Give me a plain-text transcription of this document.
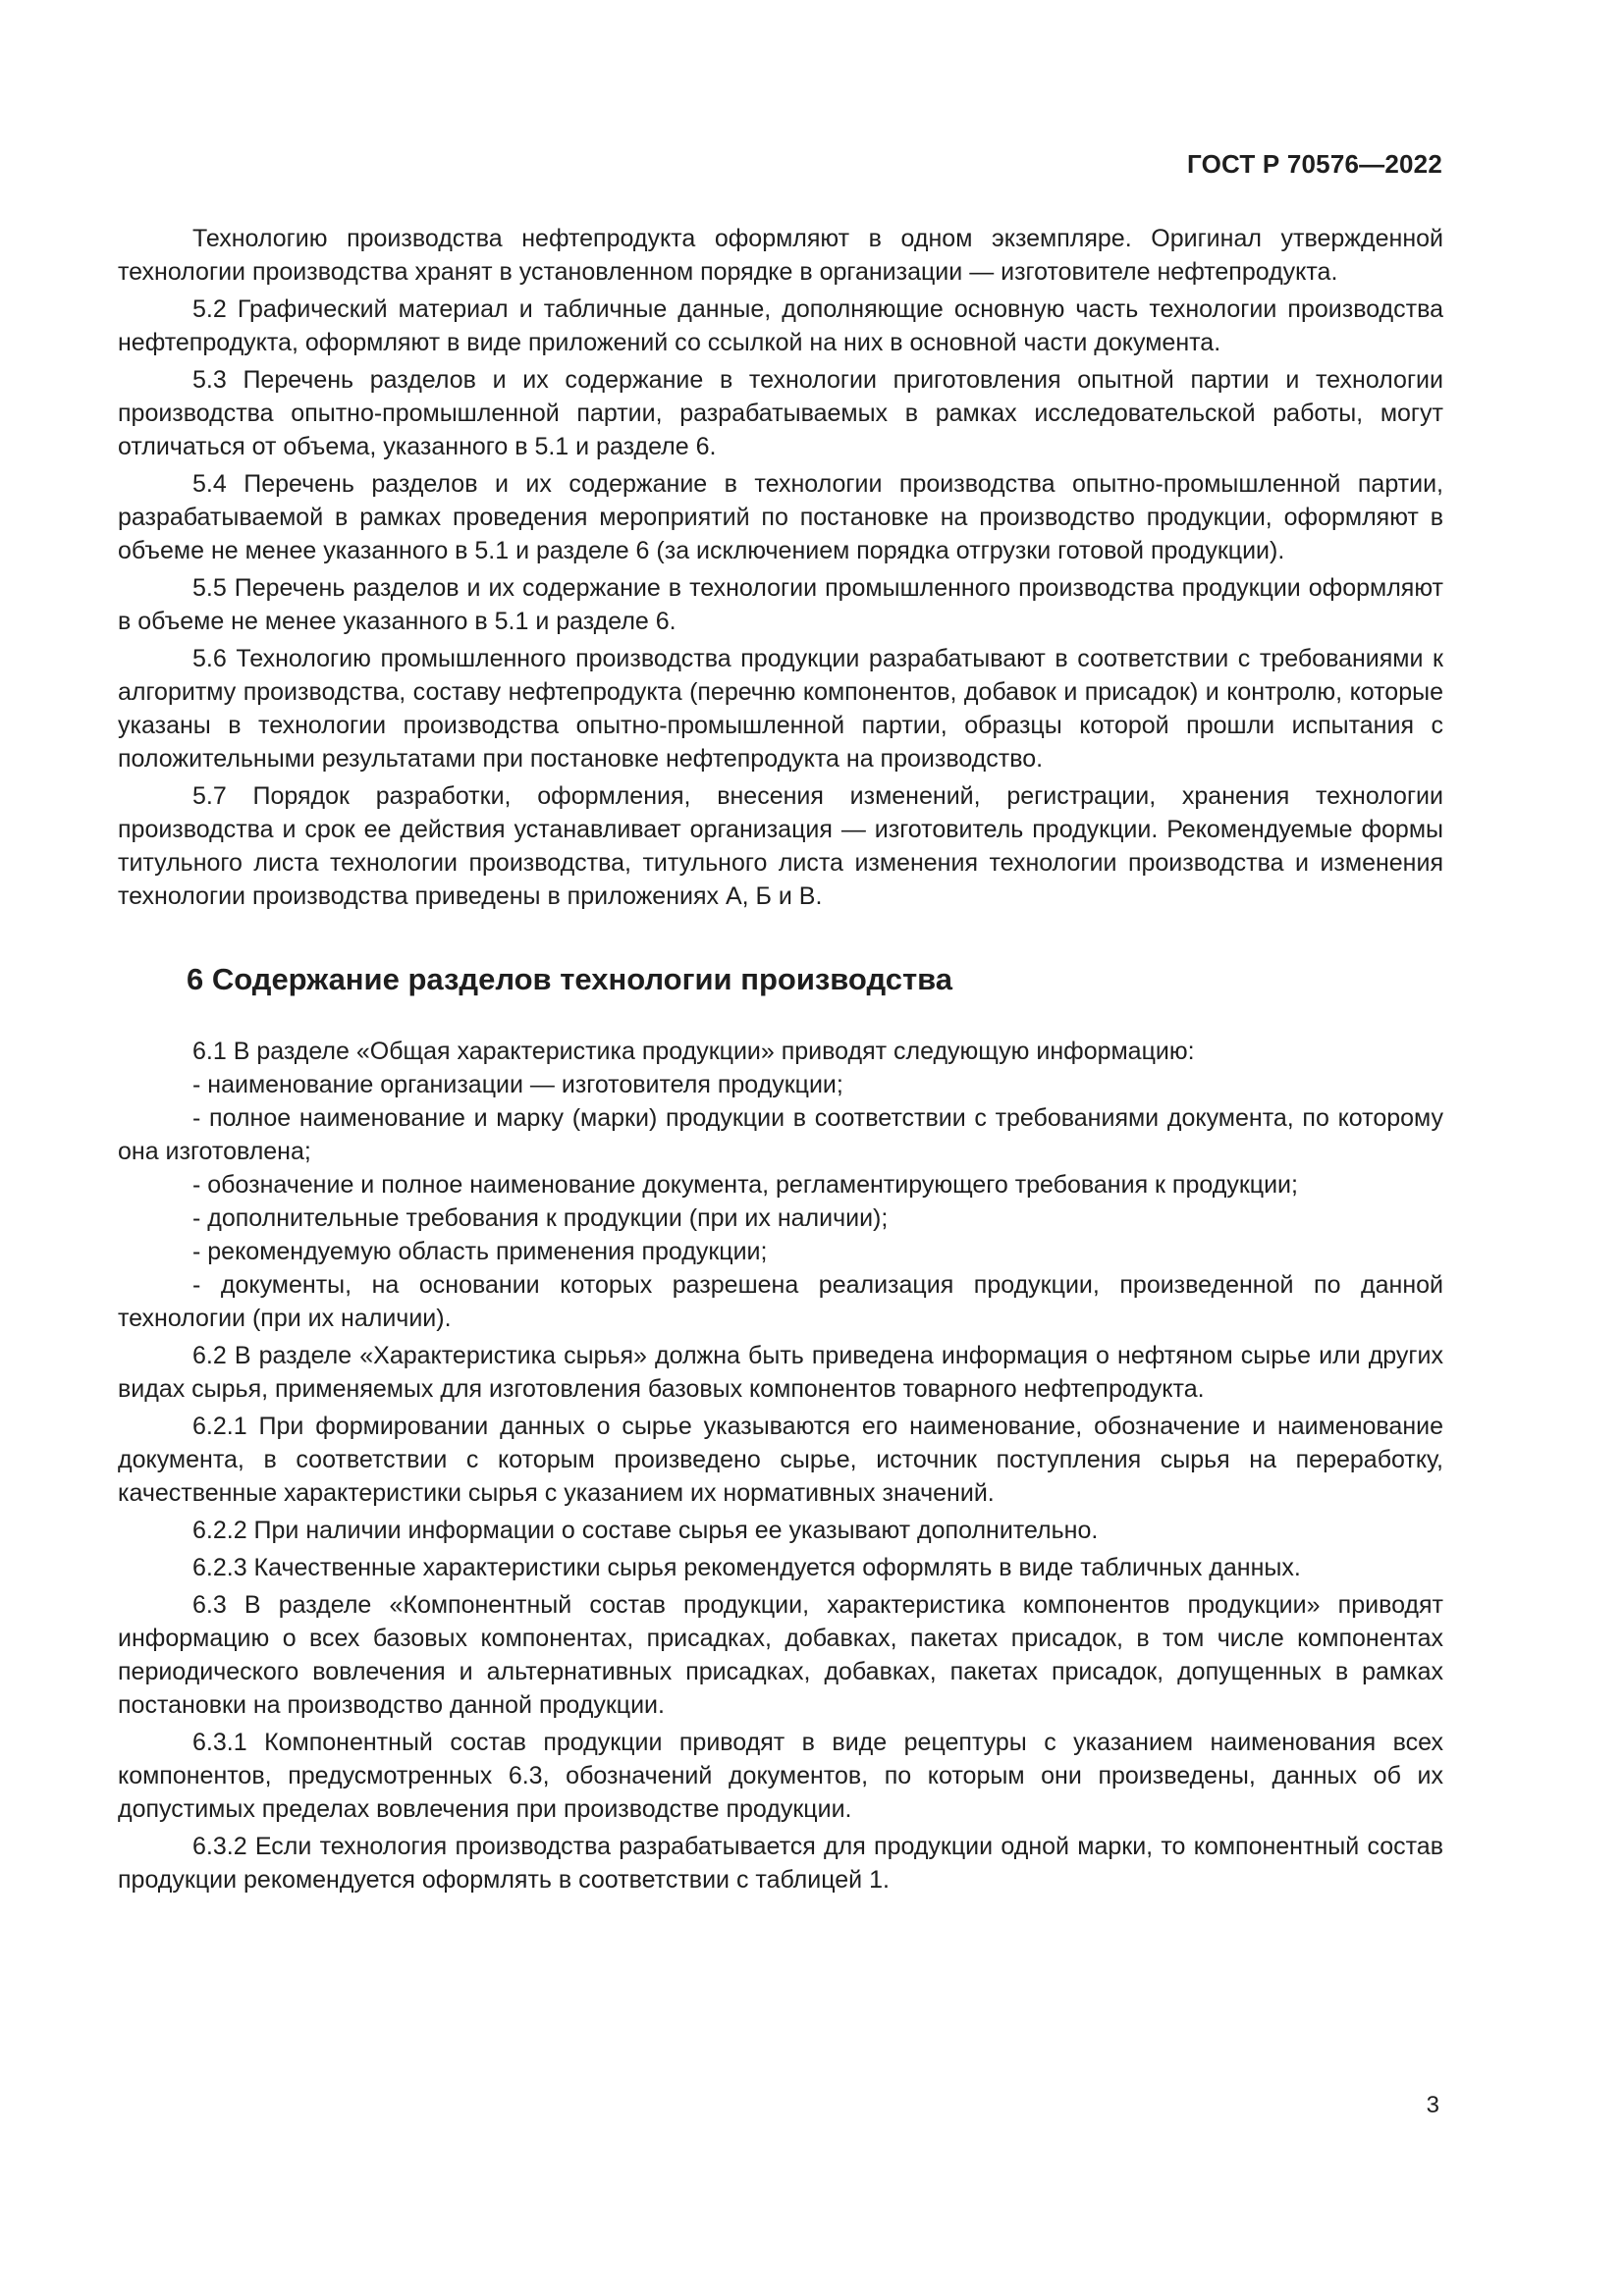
ГОСТ Р 70576—2022

Технологию производства нефтепродукта оформляют в одном экземпляре. Оригинал утвержденной технологии производства хранят в установленном порядке в организации — изготовителе нефтепродукта.

5.2 Графический материал и табличные данные, дополняющие основную часть технологии производства нефтепродукта, оформляют в виде приложений со ссылкой на них в основной части документа.

5.3 Перечень разделов и их содержание в технологии приготовления опытной партии и технологии производства опытно-промышленной партии, разрабатываемых в рамках исследовательской работы, могут отличаться от объема, указанного в 5.1 и разделе 6.

5.4 Перечень разделов и их содержание в технологии производства опытно-промышленной партии, разрабатываемой в рамках проведения мероприятий по постановке на производство продукции, оформляют в объеме не менее указанного в 5.1 и разделе 6 (за исключением порядка отгрузки готовой продукции).

5.5 Перечень разделов и их содержание в технологии промышленного производства продукции оформляют в объеме не менее указанного в 5.1 и разделе 6.

5.6 Технологию промышленного производства продукции разрабатывают в соответствии с требованиями к алгоритму производства, составу нефтепродукта (перечню компонентов, добавок и присадок) и контролю, которые указаны в технологии производства опытно-промышленной партии, образцы которой прошли испытания с положительными результатами при постановке нефтепродукта на производство.

5.7 Порядок разработки, оформления, внесения изменений, регистрации, хранения технологии производства и срок ее действия устанавливает организация — изготовитель продукции. Рекомендуемые формы титульного листа технологии производства, титульного листа изменения технологии производства и изменения технологии производства приведены в приложениях А, Б и В.

6 Содержание разделов технологии производства

6.1 В разделе «Общая характеристика продукции» приводят следующую информацию:

- наименование организации — изготовителя продукции;

- полное наименование и марку (марки) продукции в соответствии с требованиями документа, по которому она изготовлена;

- обозначение и полное наименование документа, регламентирующего требования к продукции;

- дополнительные требования к продукции (при их наличии);

- рекомендуемую область применения продукции;

- документы, на основании которых разрешена реализация продукции, произведенной по данной технологии (при их наличии).

6.2 В разделе «Характеристика сырья» должна быть приведена информация о нефтяном сырье или других видах сырья, применяемых для изготовления базовых компонентов товарного нефтепродукта.

6.2.1 При формировании данных о сырье указываются его наименование, обозначение и наименование документа, в соответствии с которым произведено сырье, источник поступления сырья на переработку, качественные характеристики сырья с указанием их нормативных значений.

6.2.2 При наличии информации о составе сырья ее указывают дополнительно.

6.2.3 Качественные характеристики сырья рекомендуется оформлять в виде табличных данных.

6.3 В разделе «Компонентный состав продукции, характеристика компонентов продукции» приводят информацию о всех базовых компонентах, присадках, добавках, пакетах присадок, в том числе компонентах периодического вовлечения и альтернативных присадках, добавках, пакетах присадок, допущенных в рамках постановки на производство данной продукции.

6.3.1 Компонентный состав продукции приводят в виде рецептуры с указанием наименования всех компонентов, предусмотренных 6.3, обозначений документов, по которым они произведены, данных об их допустимых пределах вовлечения при производстве продукции.

6.3.2 Если технология производства разрабатывается для продукции одной марки, то компонентный состав продукции рекомендуется оформлять в соответствии с таблицей 1.

3
